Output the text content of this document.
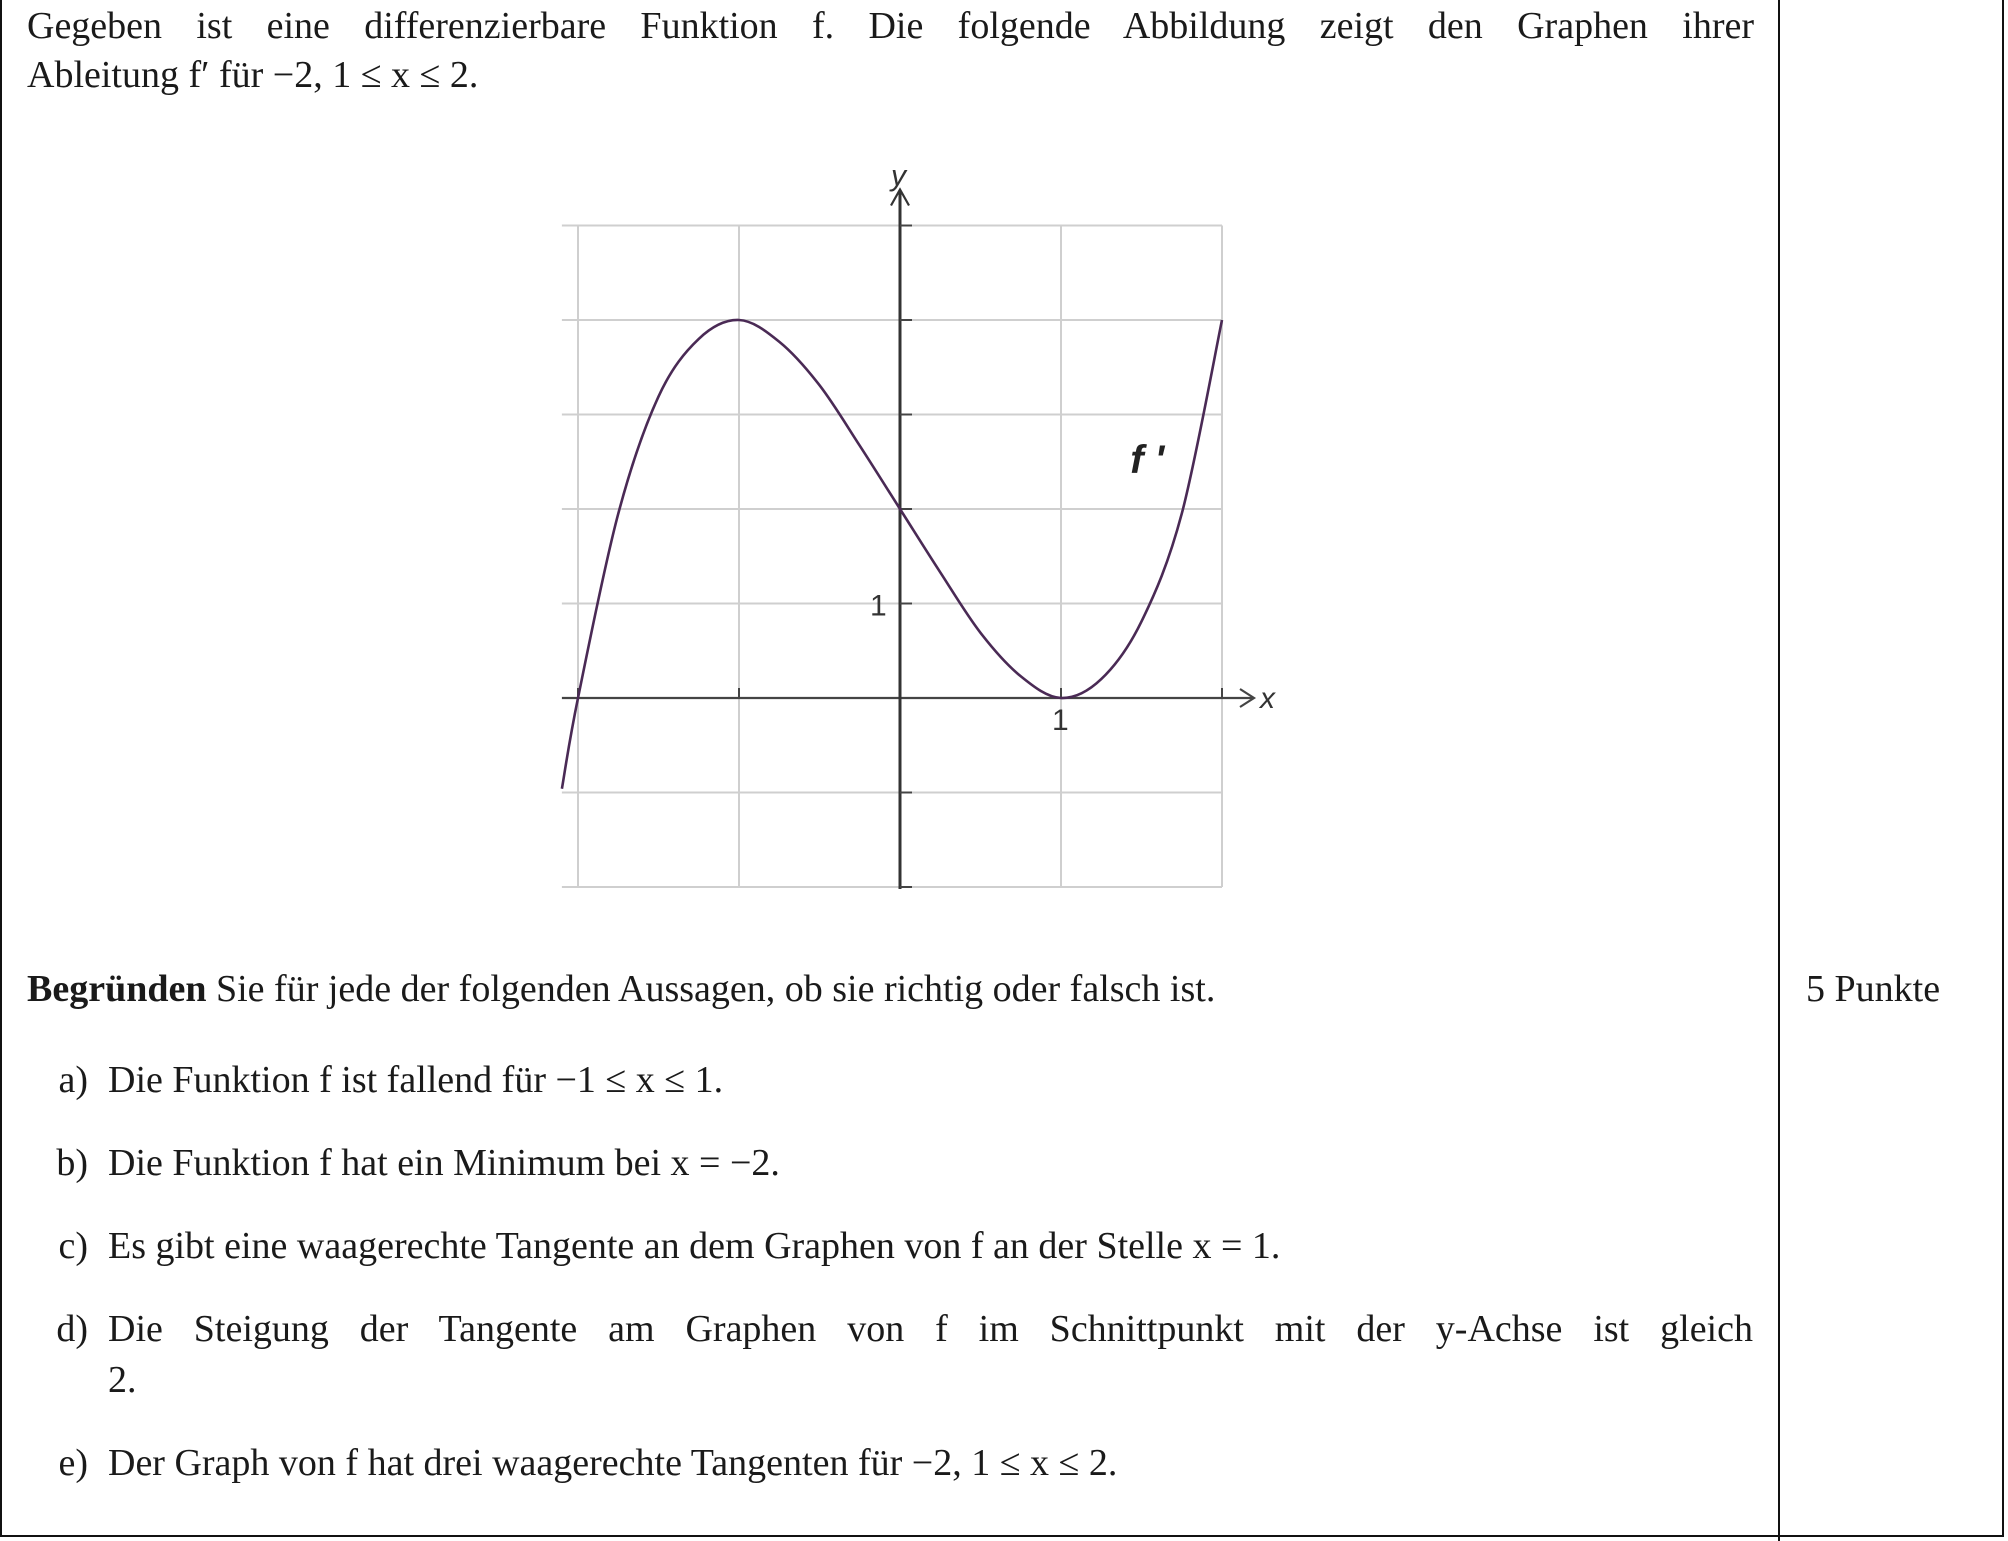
Gegeben ist eine differenzierbare Funktion f. Die folgende Abbildung zeigt den Graphen ihrer
Ableitung f′ für −2, 1 ≤ x ≤ 2.
x
y
1
1
f '
Begründen Sie für jede der folgenden Aussagen, ob sie richtig oder falsch ist.	5 Punkte
a) Die Funktion f ist fallend für −1 ≤ x ≤ 1.
b) Die Funktion f hat ein Minimum bei x = −2.
c) Es gibt eine waagerechte Tangente an dem Graphen von f an der Stelle x = 1.
d) Die Steigung der Tangente am Graphen von f im Schnittpunkt mit der y-Achse ist gleich
2.
e) Der Graph von f hat drei waagerechte Tangenten für −2, 1 ≤ x ≤ 2.
